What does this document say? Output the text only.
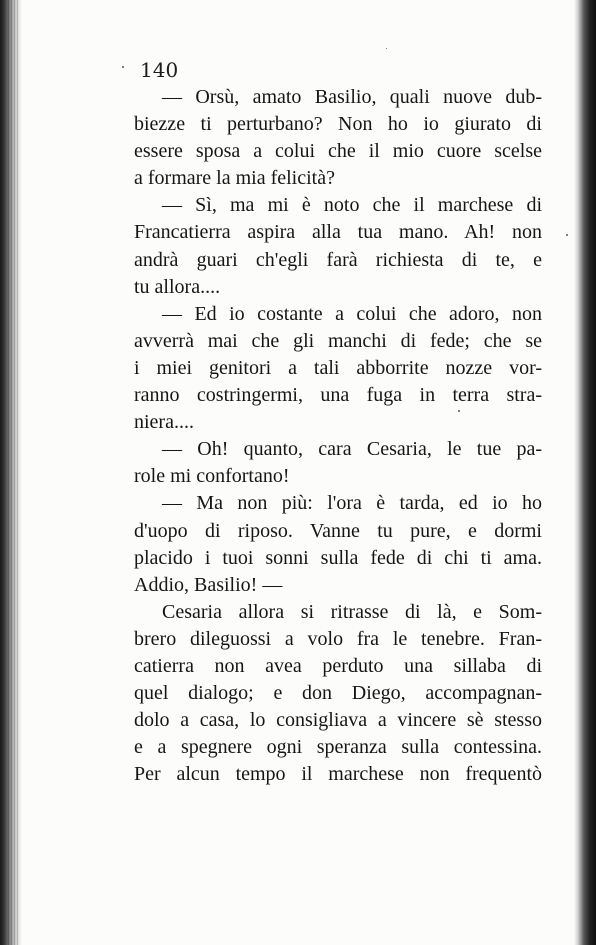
140
— Orsù, amato Basilio, quali nuove dub-
biezze ti perturbano? Non ho io giurato di
essere sposa a colui che il mio cuore scelse
a formare la mia felicità?
— Sì, ma mi è noto che il marchese di
Francatierra aspira alla tua mano. Ah! non
andrà guari ch'egli farà richiesta di te, e
tu allora....
— Ed io costante a colui che adoro, non
avverrà mai che gli manchi di fede; che se
i miei genitori a tali abborrite nozze vor-
ranno costringermi, una fuga in terra stra-
niera....
— Oh! quanto, cara Cesaria, le tue pa-
role mi confortano!
— Ma non più: l'ora è tarda, ed io ho
d'uopo di riposo. Vanne tu pure, e dormi
placido i tuoi sonni sulla fede di chi ti ama.
Addio, Basilio! —
Cesaria allora si ritrasse di là, e Som-
brero dileguossi a volo fra le tenebre. Fran-
catierra non avea perduto una sillaba di
quel dialogo; e don Diego, accompagnan-
dolo a casa, lo consigliava a vincere sè stesso
e a spegnere ogni speranza sulla contessina.
Per alcun tempo il marchese non frequentò
